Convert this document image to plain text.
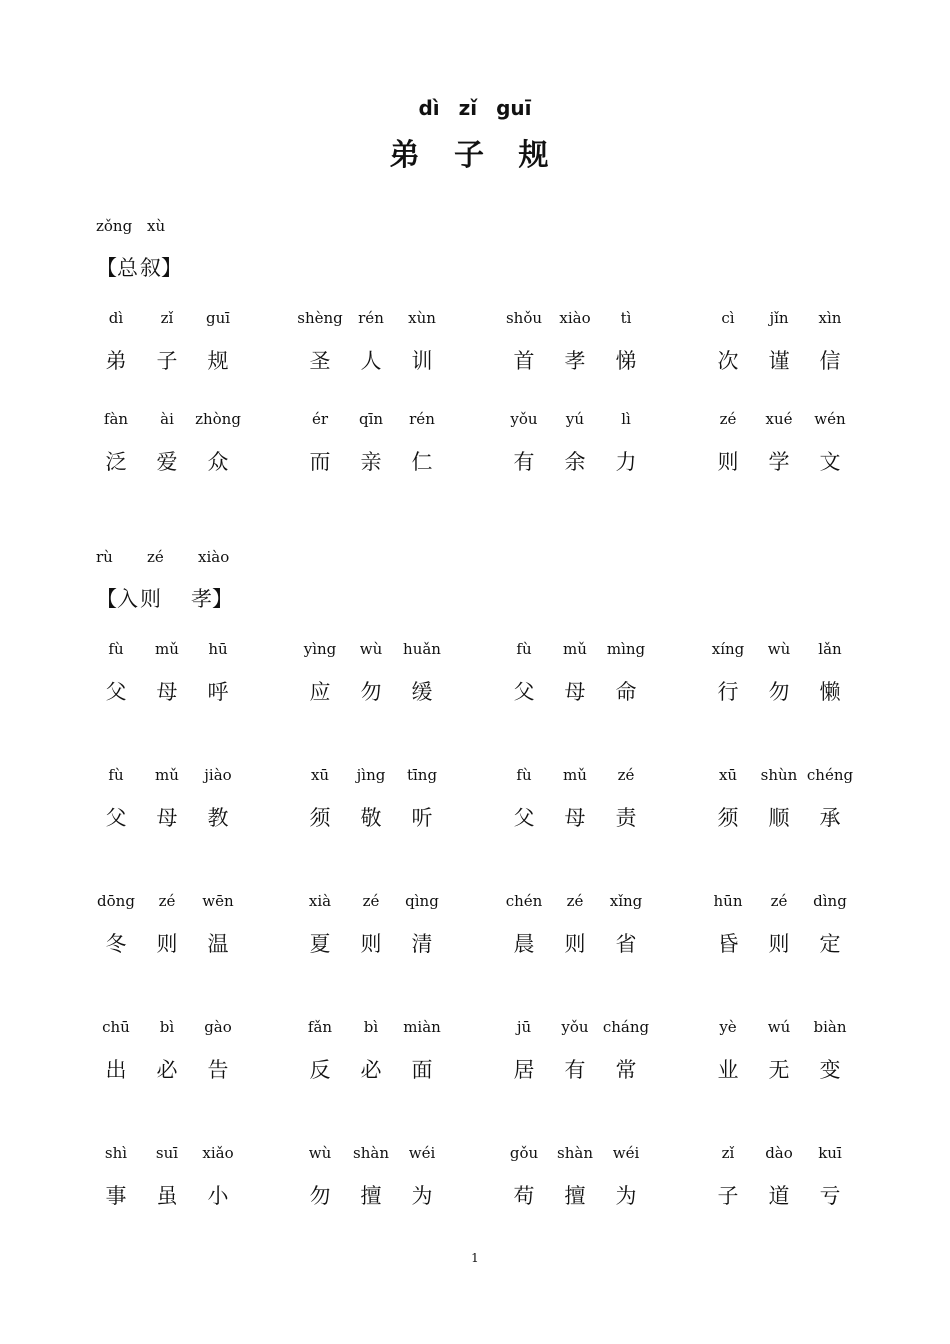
dì zǐ guī
弟 子 规
zǒng xù
【总叙】
dì
弟
zǐ
子
guī
规
shèng
圣
rén
人
xùn
训
shǒu
首
xiào
孝
tì
悌
cì
次
jǐn
谨
xìn
信
fàn
泛
ài
爱
zhòng
众
ér
而
qīn
亲
rén
仁
yǒu
有
yú
余
lì
力
zé
则
xué
学
wén
文
rù zé xiào
【入则 孝】
fù
父
mǔ
母
hū
呼
yìng
应
wù
勿
huǎn
缓
fù
父
mǔ
母
mìng
命
xíng
行
wù
勿
lǎn
懒
fù
父
mǔ
母
jiào
教
xū
须
jìng
敬
tīng
听
fù
父
mǔ
母
zé
责
xū
须
shùn
顺
chéng
承
dōng
冬
zé
则
wēn
温
xià
夏
zé
则
qìng
清
chén
晨
zé
则
xǐng
省
hūn
昏
zé
则
dìng
定
chū
出
bì
必
gào
告
fǎn
反
bì
必
miàn
面
jū
居
yǒu
有
cháng
常
yè
业
wú
无
biàn
变
shì
事
suī
虽
xiǎo
小
wù
勿
shàn
擅
wéi
为
gǒu
苟
shàn
擅
wéi
为
zǐ
子
dào
道
kuī
亏
1
